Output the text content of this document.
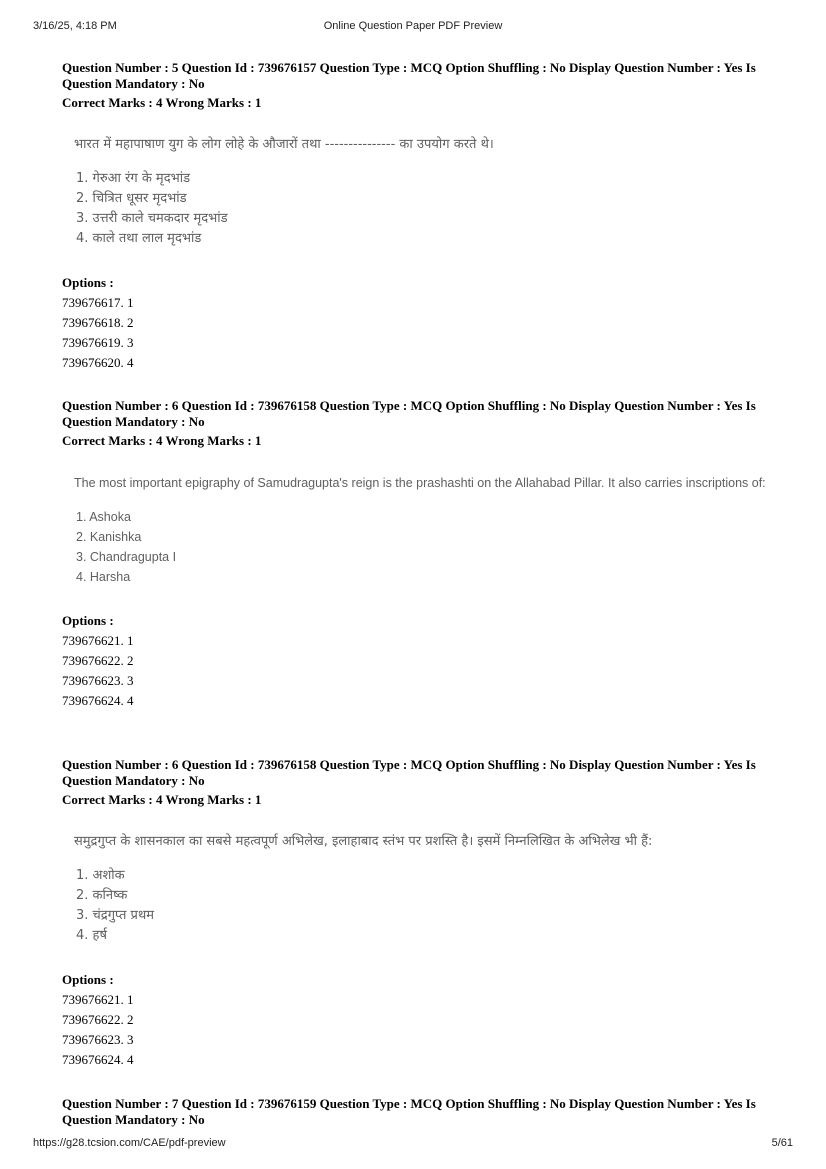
3/16/25, 4:18 PM	Online Question Paper PDF Preview
Question Number : 5 Question Id : 739676157 Question Type : MCQ Option Shuffling : No Display Question Number : Yes Is Question Mandatory : No
Correct Marks : 4 Wrong Marks : 1
भारत में महापाषाण युग के लोग लोहे के औजारों तथा --------------- का उपयोग करते थे।
1. गेरुआ रंग के मृदभांड
2. चित्रित धूसर मृदभांड
3. उत्तरी काले चमकदार मृदभांड
4. काले तथा लाल मृदभांड
Options :
739676617. 1
739676618. 2
739676619. 3
739676620. 4
Question Number : 6 Question Id : 739676158 Question Type : MCQ Option Shuffling : No Display Question Number : Yes Is Question Mandatory : No
Correct Marks : 4 Wrong Marks : 1
The most important epigraphy of Samudragupta's reign is the prashashti on the Allahabad Pillar. It also carries inscriptions of:
1. Ashoka
2. Kanishka
3. Chandragupta I
4. Harsha
Options :
739676621. 1
739676622. 2
739676623. 3
739676624. 4
Question Number : 6 Question Id : 739676158 Question Type : MCQ Option Shuffling : No Display Question Number : Yes Is Question Mandatory : No
Correct Marks : 4 Wrong Marks : 1
समुद्रगुप्त के शासनकाल का सबसे महत्वपूर्ण अभिलेख, इलाहाबाद स्तंभ पर प्रशस्ति है। इसमें निम्नलिखित के अभिलेख भी हैं:
1. अशोक
2. कनिष्क
3. चंद्रगुप्त प्रथम
4. हर्ष
Options :
739676621. 1
739676622. 2
739676623. 3
739676624. 4
Question Number : 7 Question Id : 739676159 Question Type : MCQ Option Shuffling : No Display Question Number : Yes Is Question Mandatory : No
https://g28.tcsion.com/CAE/pdf-preview	5/61
